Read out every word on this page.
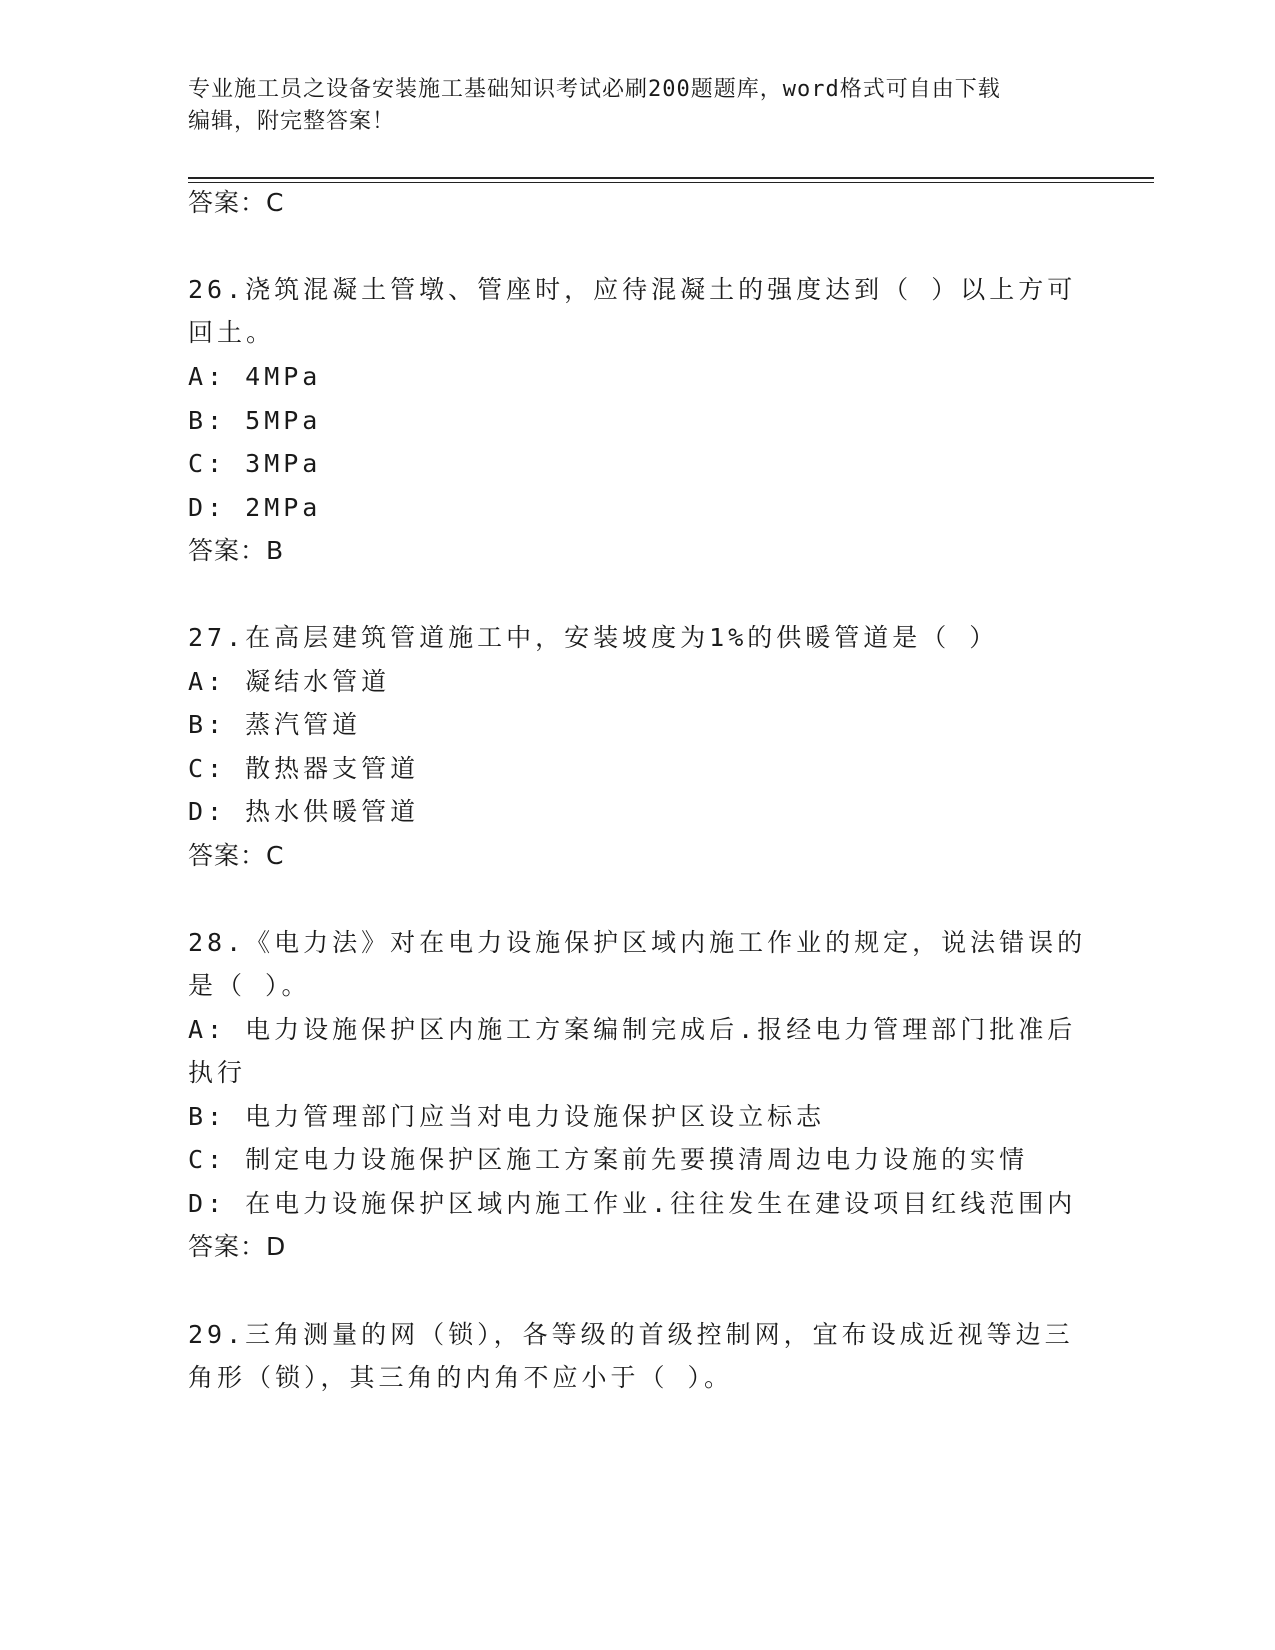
专业施工员之设备安装施工基础知识考试必刷200题题库，word格式可自由下载
编辑，附完整答案！
答案：C
26.浇筑混凝土管墩、管座时，应待混凝土的强度达到（ ）以上方可
回土。
A: 4MPa
B: 5MPa
C: 3MPa
D: 2MPa
答案：B
27.在高层建筑管道施工中，安装坡度为1%的供暖管道是（ ）
A: 凝结水管道
B: 蒸汽管道
C: 散热器支管道
D: 热水供暖管道
答案：C
28.《电力法》对在电力设施保护区域内施工作业的规定，说法错误的
是（ ）。
A: 电力设施保护区内施工方案编制完成后.报经电力管理部门批准后
执行
B: 电力管理部门应当对电力设施保护区设立标志
C: 制定电力设施保护区施工方案前先要摸清周边电力设施的实情
D: 在电力设施保护区域内施工作业.往往发生在建设项目红线范围内
答案：D
29.三角测量的网（锁），各等级的首级控制网，宜布设成近视等边三
角形（锁），其三角的内角不应小于（ ）。
